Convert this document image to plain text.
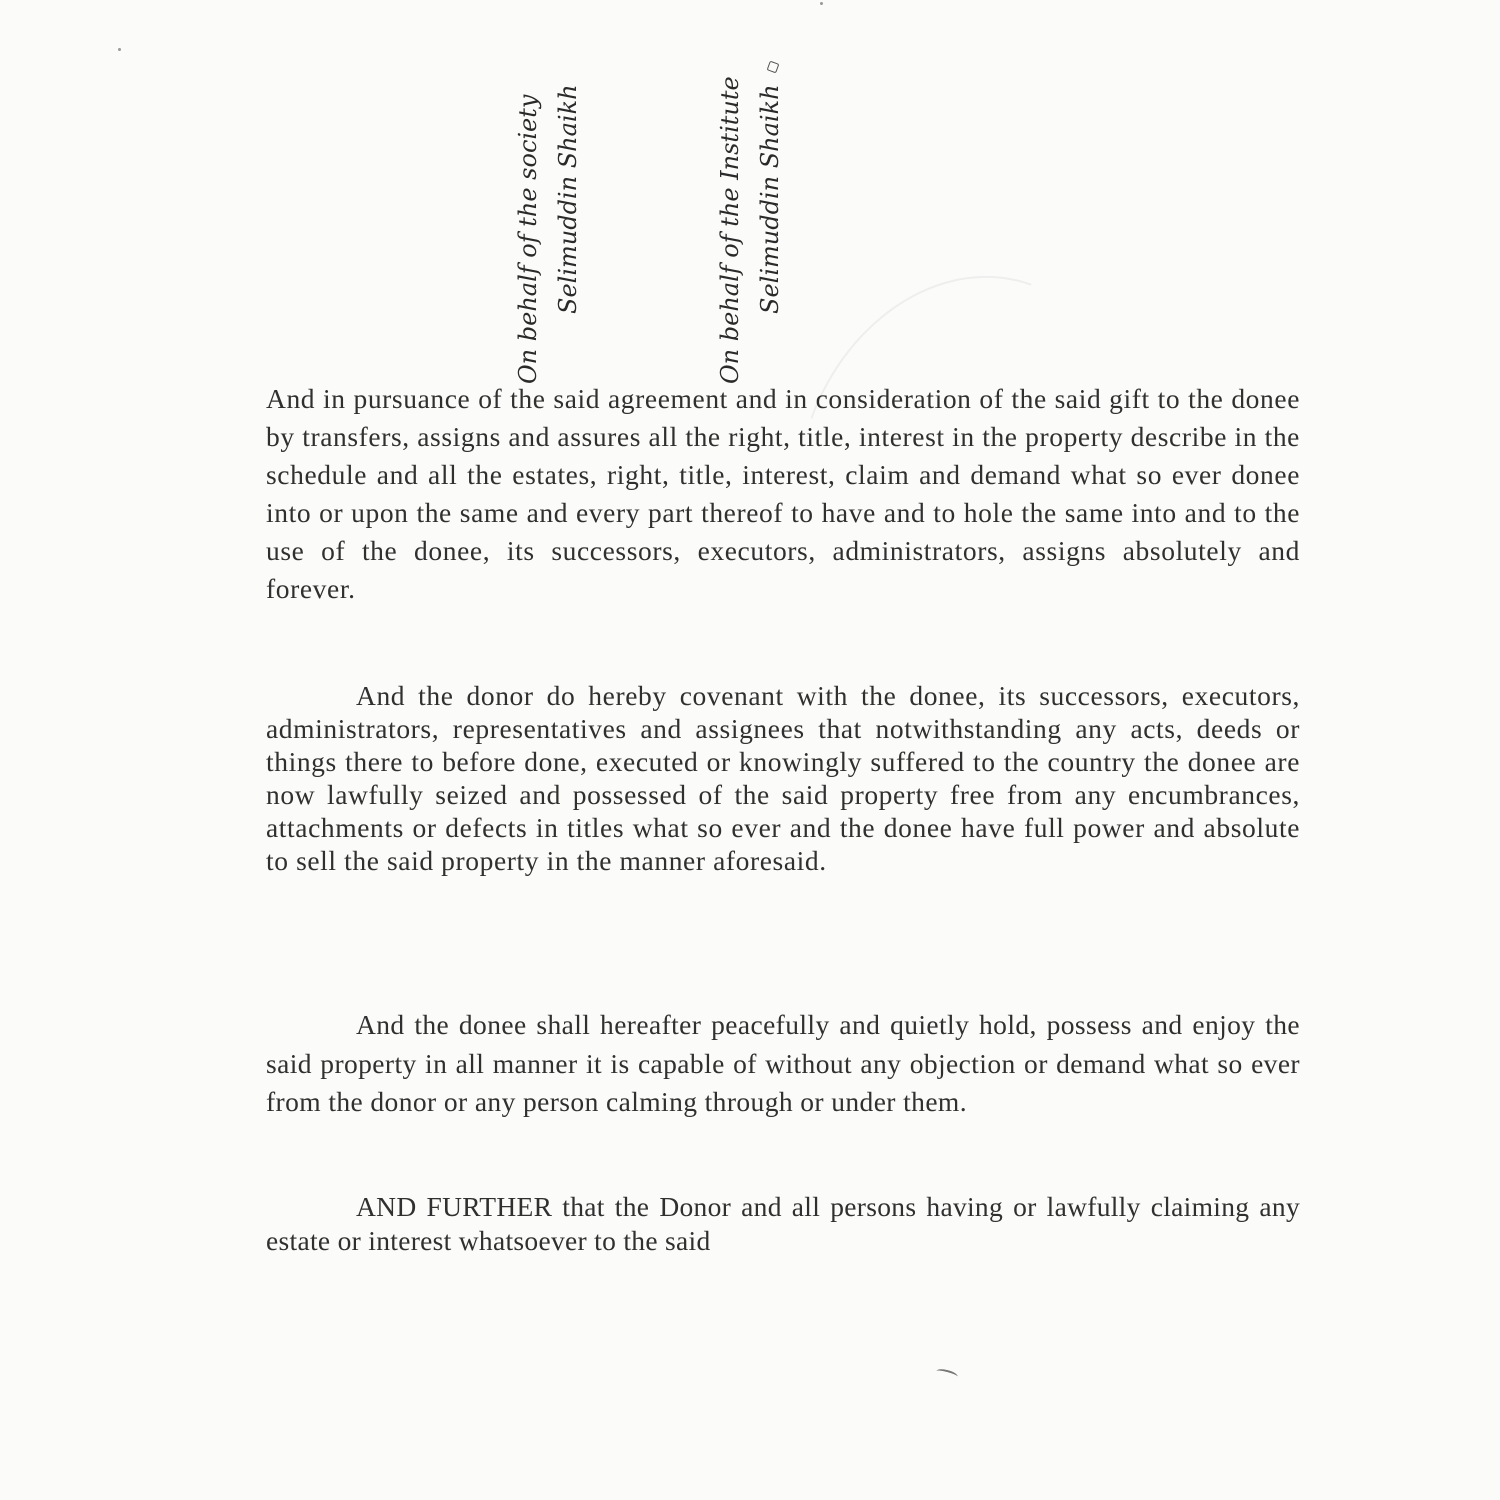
On behalf of the society Selimuddin Shaikh	On behalf of the Institute Selimuddin Shaikh

And in pursuance of the said agreement and in consideration of the said gift to the donee by transfers, assigns and assures all the right, title, interest in the property describe in the schedule and all the estates, right, title, interest, claim and demand what so ever donee into or upon the same and every part thereof to have and to hole the same into and to the use of the donee, its successors, executors, administrators, assigns absolutely and forever.

And the donor do hereby covenant with the donee, its successors, executors, administrators, representatives and assignees that notwithstanding any acts, deeds or things there to before done, executed or knowingly suffered to the country the donee are now lawfully seized and possessed of the said property free from any encumbrances, attachments or defects in titles what so ever and the donee have full power and absolute to sell the said property in the manner aforesaid.

And the donee shall hereafter peacefully and quietly hold, possess and enjoy the said property in all manner it is capable of without any objection or demand what so ever from the donor or any person calming through or under them.

AND FURTHER that the Donor and all persons having or lawfully claiming any estate or interest whatsoever to the said
